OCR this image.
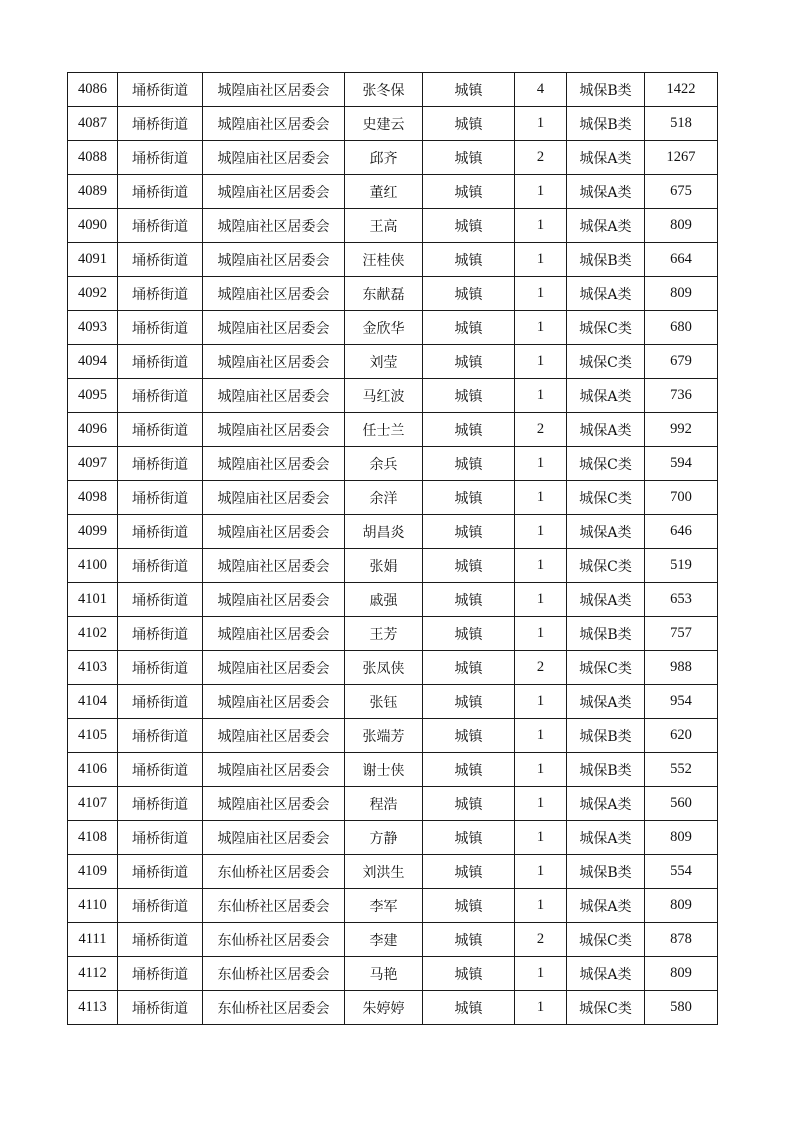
4086	埇桥街道	城隍庙社区居委会	张冬保	城镇	4	城保B类	1422
4087	埇桥街道	城隍庙社区居委会	史建云	城镇	1	城保B类	518
4088	埇桥街道	城隍庙社区居委会	邱齐	城镇	2	城保A类	1267
4089	埇桥街道	城隍庙社区居委会	董红	城镇	1	城保A类	675
4090	埇桥街道	城隍庙社区居委会	王高	城镇	1	城保A类	809
4091	埇桥街道	城隍庙社区居委会	汪桂侠	城镇	1	城保B类	664
4092	埇桥街道	城隍庙社区居委会	东献磊	城镇	1	城保A类	809
4093	埇桥街道	城隍庙社区居委会	金欣华	城镇	1	城保C类	680
4094	埇桥街道	城隍庙社区居委会	刘莹	城镇	1	城保C类	679
4095	埇桥街道	城隍庙社区居委会	马红波	城镇	1	城保A类	736
4096	埇桥街道	城隍庙社区居委会	任士兰	城镇	2	城保A类	992
4097	埇桥街道	城隍庙社区居委会	余兵	城镇	1	城保C类	594
4098	埇桥街道	城隍庙社区居委会	余洋	城镇	1	城保C类	700
4099	埇桥街道	城隍庙社区居委会	胡昌炎	城镇	1	城保A类	646
4100	埇桥街道	城隍庙社区居委会	张娟	城镇	1	城保C类	519
4101	埇桥街道	城隍庙社区居委会	戚强	城镇	1	城保A类	653
4102	埇桥街道	城隍庙社区居委会	王芳	城镇	1	城保B类	757
4103	埇桥街道	城隍庙社区居委会	张凤侠	城镇	2	城保C类	988
4104	埇桥街道	城隍庙社区居委会	张钰	城镇	1	城保A类	954
4105	埇桥街道	城隍庙社区居委会	张端芳	城镇	1	城保B类	620
4106	埇桥街道	城隍庙社区居委会	谢士侠	城镇	1	城保B类	552
4107	埇桥街道	城隍庙社区居委会	程浩	城镇	1	城保A类	560
4108	埇桥街道	城隍庙社区居委会	方静	城镇	1	城保A类	809
4109	埇桥街道	东仙桥社区居委会	刘洪生	城镇	1	城保B类	554
4110	埇桥街道	东仙桥社区居委会	李军	城镇	1	城保A类	809
4111	埇桥街道	东仙桥社区居委会	李建	城镇	2	城保C类	878
4112	埇桥街道	东仙桥社区居委会	马艳	城镇	1	城保A类	809
4113	埇桥街道	东仙桥社区居委会	朱婷婷	城镇	1	城保C类	580
